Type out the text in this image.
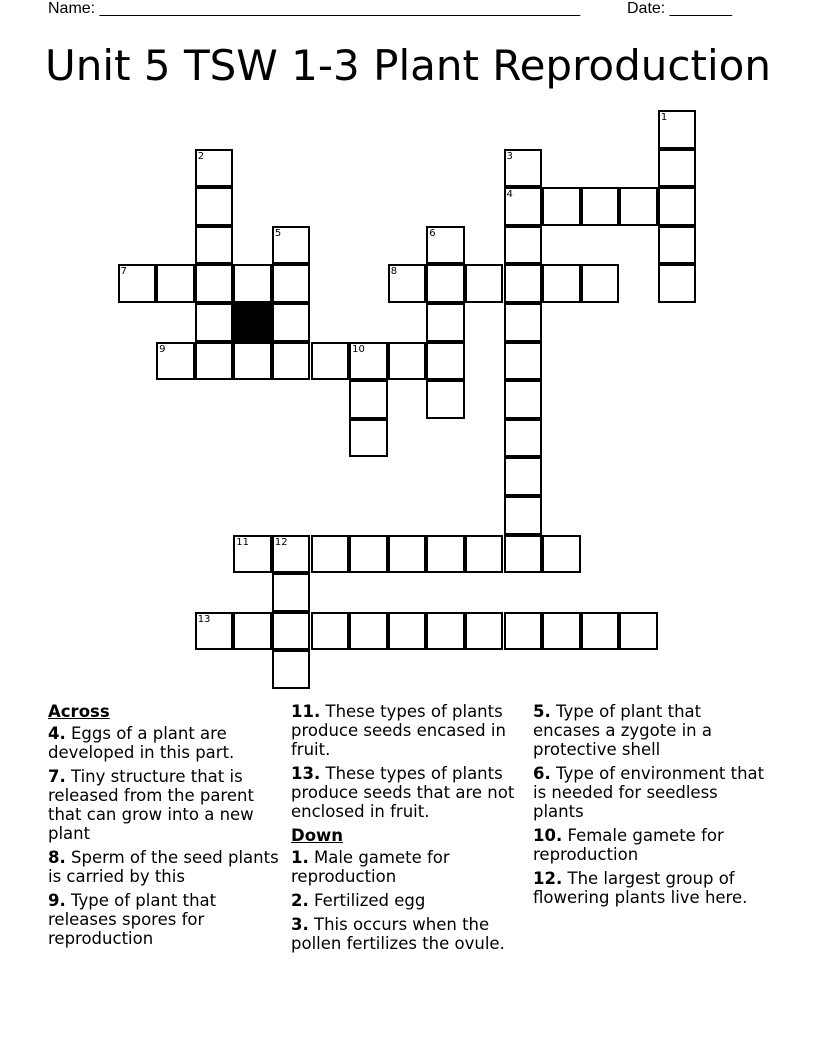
Name: ______________________________________________________	Date: _______
Unit 5 TSW 1-3 Plant Reproduction
1
2	3
4
5	6
7	8
9	10
11	12
13
Across
4. Eggs of a plant are developed in this part.
7. Tiny structure that is released from the parent that can grow into a new plant
8. Sperm of the seed plants is carried by this
9. Type of plant that releases spores for reproduction
11. These types of plants produce seeds encased in fruit.
13. These types of plants produce seeds that are not enclosed in fruit.
Down
1. Male gamete for reproduction
2. Fertilized egg
3. This occurs when the pollen fertilizes the ovule.
5. Type of plant that encases a zygote in a protective shell
6. Type of environment that is needed for seedless plants
10. Female gamete for reproduction
12. The largest group of flowering plants live here.
